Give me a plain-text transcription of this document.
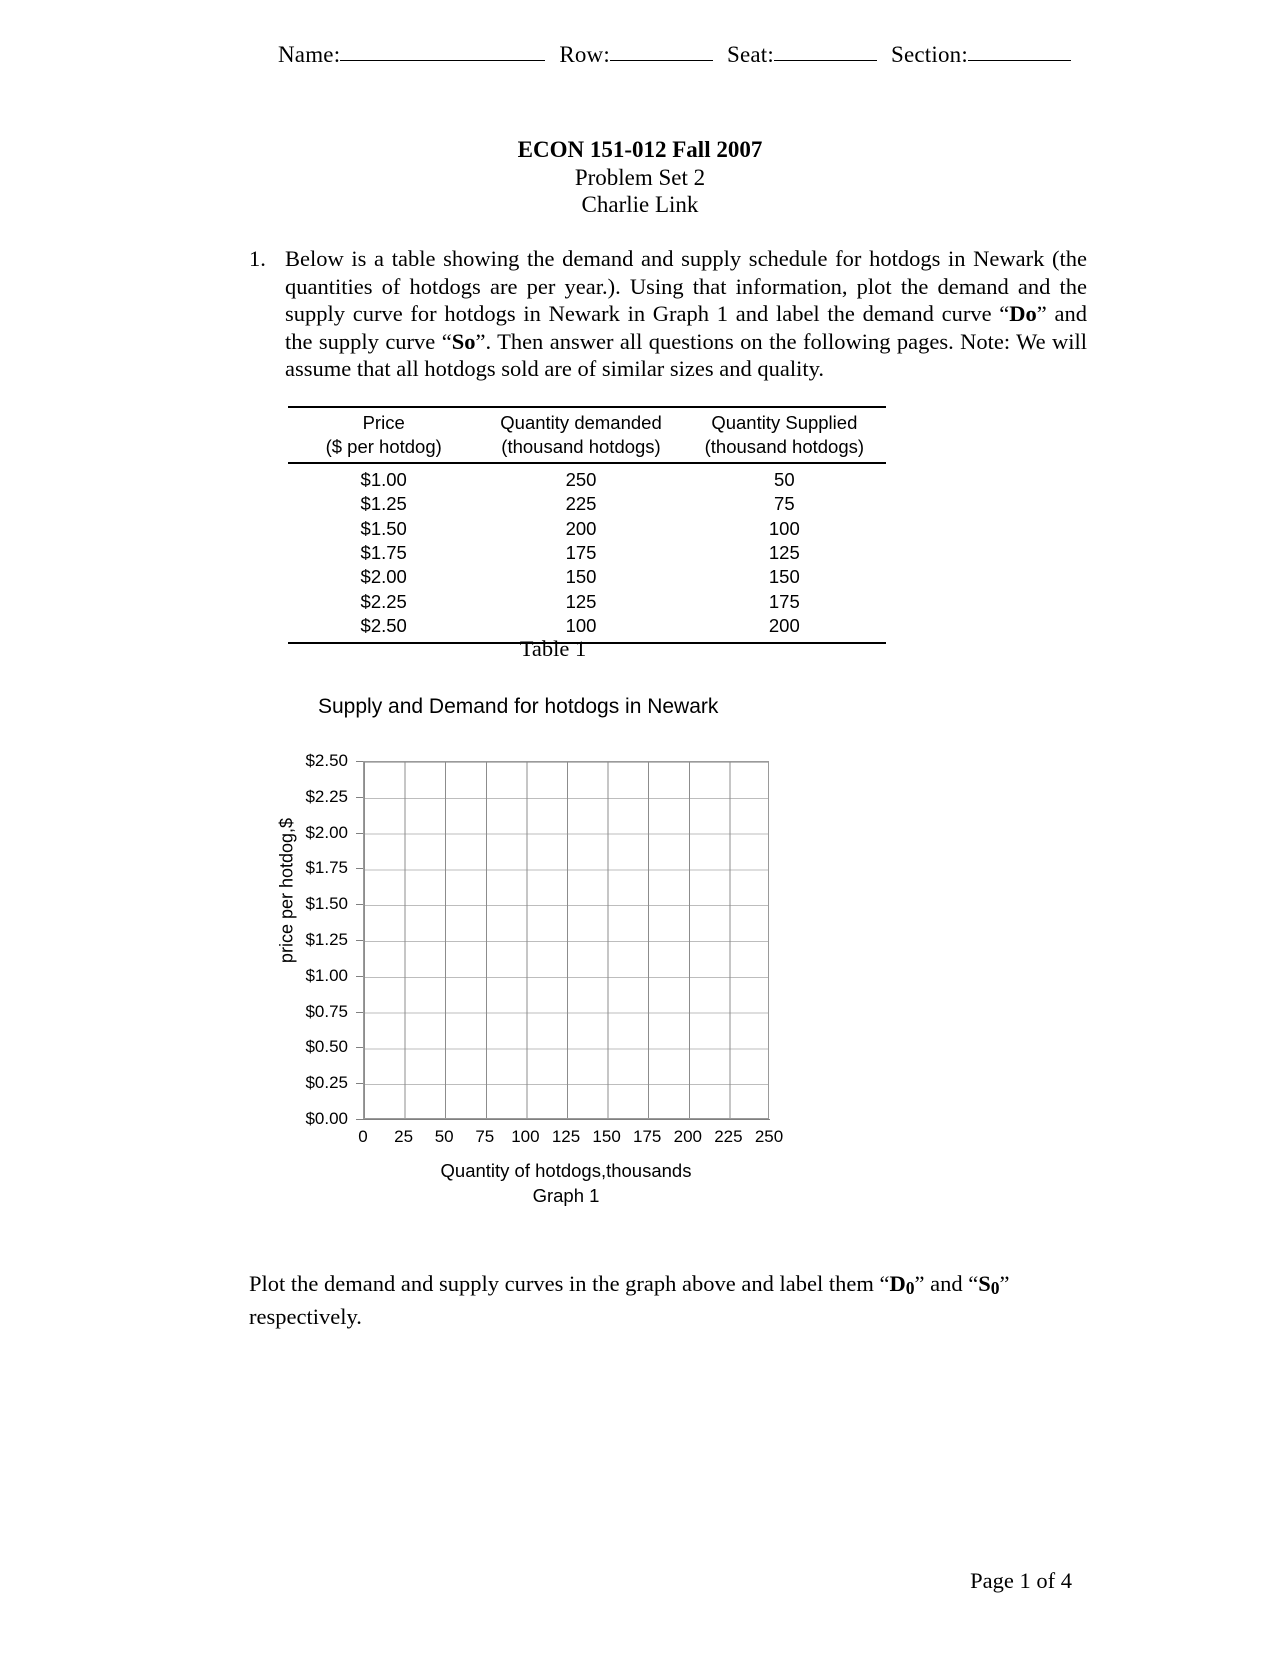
Name:	Row:	Seat:	Section:
ECON 151-012 Fall 2007
Problem Set 2
Charlie Link
1. Below is a table showing the demand and supply schedule for hotdogs in Newark (the quantities of hotdogs are per year.). Using that information, plot the demand and the supply curve for hotdogs in Newark in Graph 1 and label the demand curve “Do” and the supply curve “So”. Then answer all questions on the following pages. Note: We will assume that all hotdogs sold are of similar sizes and quality.
Price	Quantity demanded	Quantity Supplied
($ per hotdog)	(thousand hotdogs)	(thousand hotdogs)
$1.00	250	50
$1.25	225	75
$1.50	200	100
$1.75	175	125
$2.00	150	150
$2.25	125	175
$2.50	100	200
Table 1
Supply and Demand for hotdogs in Newark
price per hotdog,$
$0.00
$0.25
$0.50
$0.75
$1.00
$1.25
$1.50
$1.75
$2.00
$2.25
$2.50
0 25 50 75 100 125 150 175 200 225 250
Quantity of hotdogs,thousands
Graph 1
Plot the demand and supply curves in the graph above and label them “D0” and “S0” respectively.
Page 1 of 4
